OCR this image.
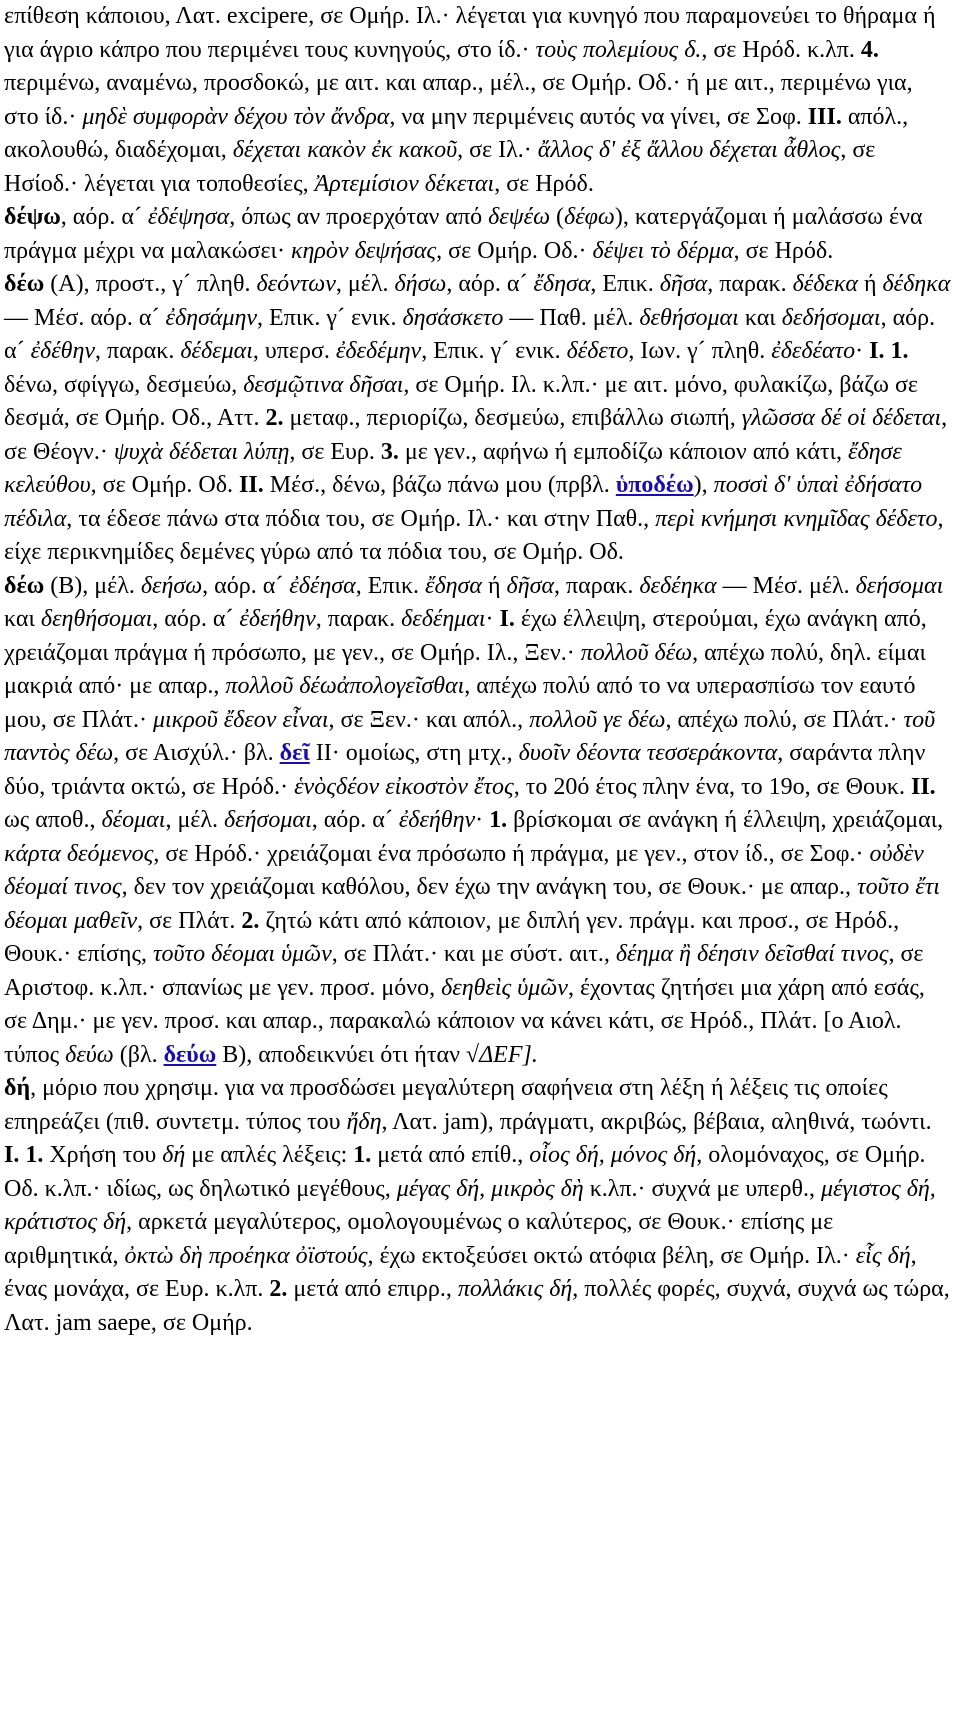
επίθεση κάποιου, Λατ. excipere, σε Ομήρ. Ιλ.· λέγεται για κυνηγό που παραμονεύει το θήραμα ή για άγριο κάπρο που περιμένει τους κυνηγούς, στο ίδ.· τοὺς πολεμίους δ., σε Ηρόδ. κ.λπ. 4. περιμένω, αναμένω, προσδοκώ, με αιτ. και απαρ., μέλ., σε Ομήρ. Οδ.· ή με αιτ., περιμένω για, στο ίδ.· μηδὲ συμφορὰν δέχου τὸν ἄνδρα, να μην περιμένεις αυτός να γίνει, σε Σοφ. III. απόλ., ακολουθώ, διαδέχομαι, δέχεται κακὸν ἐκ κακοῦ, σε Ιλ.· ἄλλος δ' ἐξ ἄλλου δέχεται ἆθλος, σε Ησίοδ.· λέγεται για τοποθεσίες, Ἀρτεμίσιον δέκεται, σε Ηρόδ.

δέψω, αόρ. α´ ἐδέψησα, όπως αν προερχόταν από δεψέω (δέφω), κατεργάζομαι ή μαλάσσω ένα πράγμα μέχρι να μαλακώσει· κηρὸν δεψήσας, σε Ομήρ. Οδ.· δέψει τὸ δέρμα, σε Ηρόδ.

δέω (Α), προστ., γ´ πληθ. δεόντων, μέλ. δήσω, αόρ. α´ ἔδησα, Επικ. δῆσα, παρακ. δέδεκα ή δέδηκα — Μέσ. αόρ. α´ ἐδησάμην, Επικ. γ´ ενικ. δησάσκετο — Παθ. μέλ. δεθήσομαι και δεδήσομαι, αόρ. α´ ἐδέθην, παρακ. δέδεμαι, υπερσ. ἐδεδέμην, Επικ. γ´ ενικ. δέδετο, Ιων. γ´ πληθ. ἐδεδέατο· I. 1. δένω, σφίγγω, δεσμεύω, δεσμῷτινα δῆσαι, σε Ομήρ. Ιλ. κ.λπ.· με αιτ. μόνο, φυλακίζω, βάζω σε δεσμά, σε Ομήρ. Οδ., Αττ. 2. μεταφ., περιορίζω, δεσμεύω, επιβάλλω σιωπή, γλῶσσα δέ οἱ δέδεται, σε Θέογν.· ψυχὰ δέδεται λύπῃ, σε Ευρ. 3. με γεν., αφήνω ή εμποδίζω κάποιον από κάτι, ἔδησε κελεύθου, σε Ομήρ. Οδ. II. Μέσ., δένω, βάζω πάνω μου (πρβλ. ὑποδέω), ποσσὶ δ' ὑπαὶ ἐδήσατο πέδιλα, τα έδεσε πάνω στα πόδια του, σε Ομήρ. Ιλ.· και στην Παθ., περὶ κνήμησι κνημῖδας δέδετο, είχε περικνημίδες δεμένες γύρω από τα πόδια του, σε Ομήρ. Οδ.

δέω (Β), μέλ. δεήσω, αόρ. α´ ἐδέησα, Επικ. ἔδησα ή δῆσα, παρακ. δεδέηκα — Μέσ. μέλ. δεήσομαι και δεηθήσομαι, αόρ. α´ ἐδεήθην, παρακ. δεδέημαι· I. έχω έλλειψη, στερούμαι, έχω ανάγκη από, χρειάζομαι πράγμα ή πρόσωπο, με γεν., σε Ομήρ. Ιλ., Ξεν.· πολλοῦ δέω, απέχω πολύ, δηλ. είμαι μακριά από· με απαρ., πολλοῦ δέωἀπολογεῖσθαι, απέχω πολύ από το να υπερασπίσω τον εαυτό μου, σε Πλάτ.· μικροῦ ἔδεον εἶναι, σε Ξεν.· και απόλ., πολλοῦ γε δέω, απέχω πολύ, σε Πλάτ.· τοῦ παντὸς δέω, σε Αισχύλ.· βλ. δεῖ II· ομοίως, στη μτχ., δυοῖν δέοντα τεσσεράκοντα, σαράντα πλην δύο, τριάντα οκτώ, σε Ηρόδ.· ἑνὸςδέον εἰκοστὸν ἔτος, το 20ό έτος πλην ένα, το 19ο, σε Θουκ. II. ως αποθ., δέομαι, μέλ. δεήσομαι, αόρ. α´ ἐδεήθην· 1. βρίσκομαι σε ανάγκη ή έλλειψη, χρειάζομαι, κάρτα δεόμενος, σε Ηρόδ.· χρειάζομαι ένα πρόσωπο ή πράγμα, με γεν., στον ίδ., σε Σοφ.· οὐδὲν δέομαί τινος, δεν τον χρειάζομαι καθόλου, δεν έχω την ανάγκη του, σε Θουκ.· με απαρ., τοῦτο ἔτι δέομαι μαθεῖν, σε Πλάτ. 2. ζητώ κάτι από κάποιον, με διπλή γεν. πράγμ. και προσ., σε Ηρόδ., Θουκ.· επίσης, τοῦτο δέομαι ὑμῶν, σε Πλάτ.· και με σύστ. αιτ., δέημα ἢ δέησιν δεῖσθαί τινος, σε Αριστοφ. κ.λπ.· σπανίως με γεν. προσ. μόνο, δεηθεὶς ὑμῶν, έχοντας ζητήσει μια χάρη από εσάς, σε Δημ.· με γεν. προσ. και απαρ., παρακαλώ κάποιον να κάνει κάτι, σε Ηρόδ., Πλάτ. [ο Αιολ. τύπος δεύω (βλ. δεύω Β), αποδεικνύει ότι ήταν √ΔΕϜ].

δή, μόριο που χρησιμ. για να προσδώσει μεγαλύτερη σαφήνεια στη λέξη ή λέξεις τις οποίες επηρεάζει (πιθ. συντετμ. τύπος του ἤδη, Λατ. jam), πράγματι, ακριβώς, βέβαια, αληθινά, τωόντι. I. 1. Χρήση του δή με απλές λέξεις: 1. μετά από επίθ., οἶος δή, μόνος δή, ολομόναχος, σε Ομήρ. Οδ. κ.λπ.· ιδίως, ως δηλωτικό μεγέθους, μέγας δή, μικρὸς δὴ κ.λπ.· συχνά με υπερθ., μέγιστος δή, κράτιστος δή, αρκετά μεγαλύτερος, ομολογουμένως ο καλύτερος, σε Θουκ.· επίσης με αριθμητικά, ὀκτὼ δὴ προέηκα ὀϊστούς, έχω εκτοξεύσει οκτώ ατόφια βέλη, σε Ομήρ. Ιλ.· εἷς δή, ένας μονάχα, σε Ευρ. κ.λπ. 2. μετά από επιρρ., πολλάκις δή, πολλές φορές, συχνά, συχνά ως τώρα, Λατ. jam saepe, σε Ομήρ.
